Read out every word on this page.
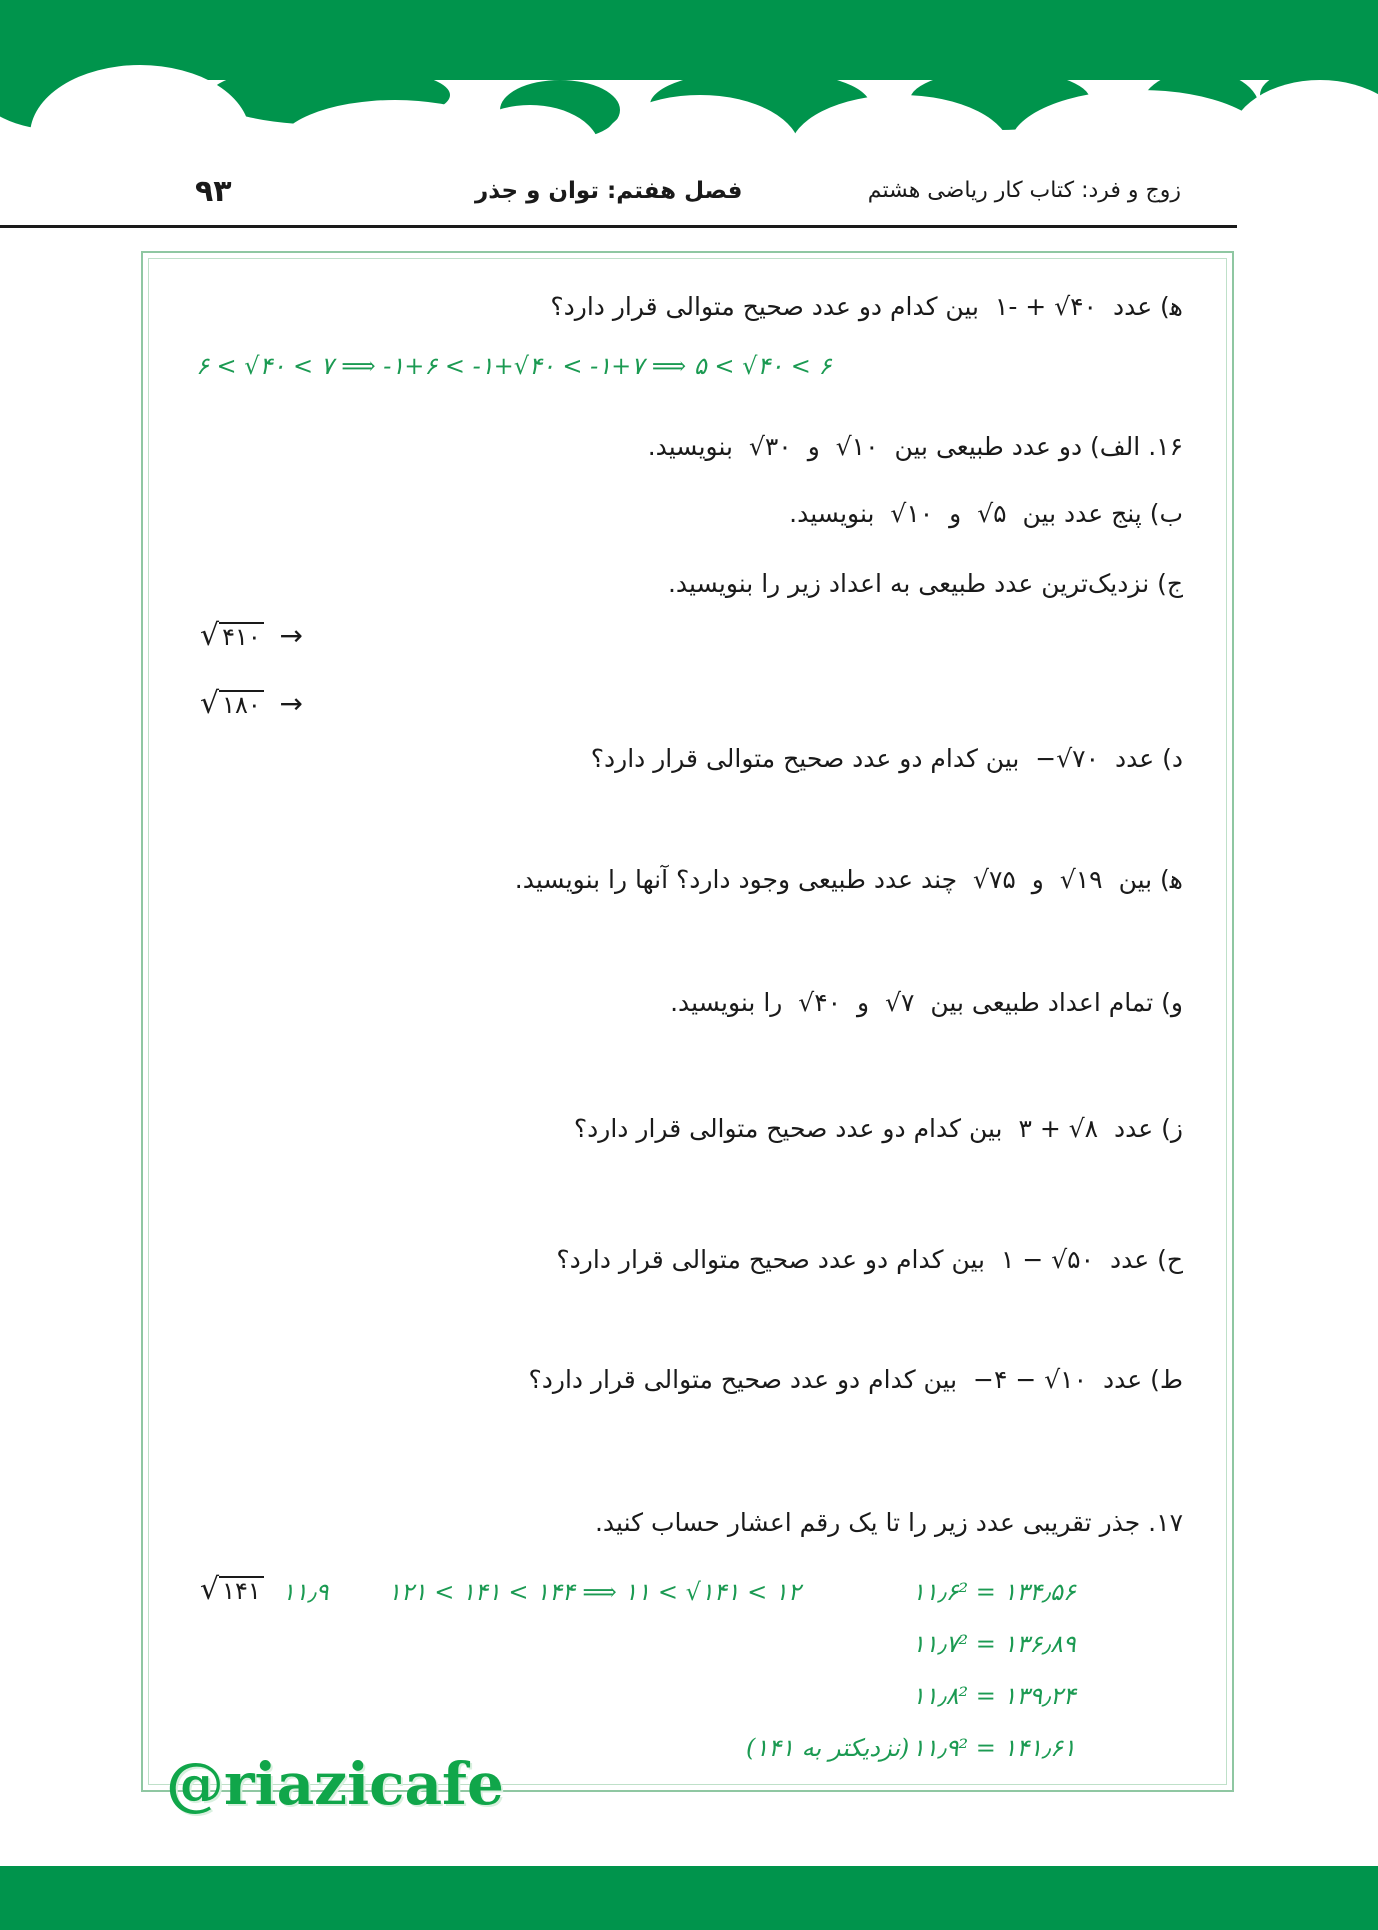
۹۳	فصل هفتم: توان و جذر	زوج و فرد: کتاب کار ریاضی هشتم
ﻫ) عدد ۱- + √۴۰ بین کدام دو عدد صحیح متوالی قرار دارد؟
۶ < √۴۰ < ۷ ⟹ -۱+۶ < -۱+√۴۰ < -۱+۷ ⟹ ۵ < √۴۰ < ۶
۱۶. الف) دو عدد طبیعی بین √۱۰ و √۳۰ بنویسید.
ب) پنج عدد بین √۵ و √۱۰ بنویسید.
ج) نزدیک‌ترین عدد طبیعی به اعداد زیر را بنویسید.
√ ۴۱۰ →
√ ۱۸۰ →
د) عدد −√۷۰ بین کدام دو عدد صحیح متوالی قرار دارد؟
ﻫ) بین √۱۹ و √۷۵ چند عدد طبیعی وجود دارد؟ آنها را بنویسید.
و) تمام اعداد طبیعی بین √۷ و √۴۰ را بنویسید.
ز) عدد ۳ + √۸ بین کدام دو عدد صحیح متوالی قرار دارد؟
ح) عدد ۱ − √۵۰ بین کدام دو عدد صحیح متوالی قرار دارد؟
ط) عدد −۴ − √۱۰ بین کدام دو عدد صحیح متوالی قرار دارد؟
۱۷. جذر تقریبی عدد زیر را تا یک رقم اعشار حساب کنید.
√ ۱۴۱ ۱۱٫۹ ۱۲۱ < ۱۴۱ < ۱۴۴ ⟹ ۱۱ < √۱۴۱ < ۱۲	۱۱٫۶² = ۱۳۴٫۵۶
۱۱٫۷² = ۱۳۶٫۸۹
۱۱٫۸² = ۱۳۹٫۲۴
۱۱٫۹² = ۱۴۱٫۶۱
(نزدیکتر به ۱۴۱)
@riazicafe
